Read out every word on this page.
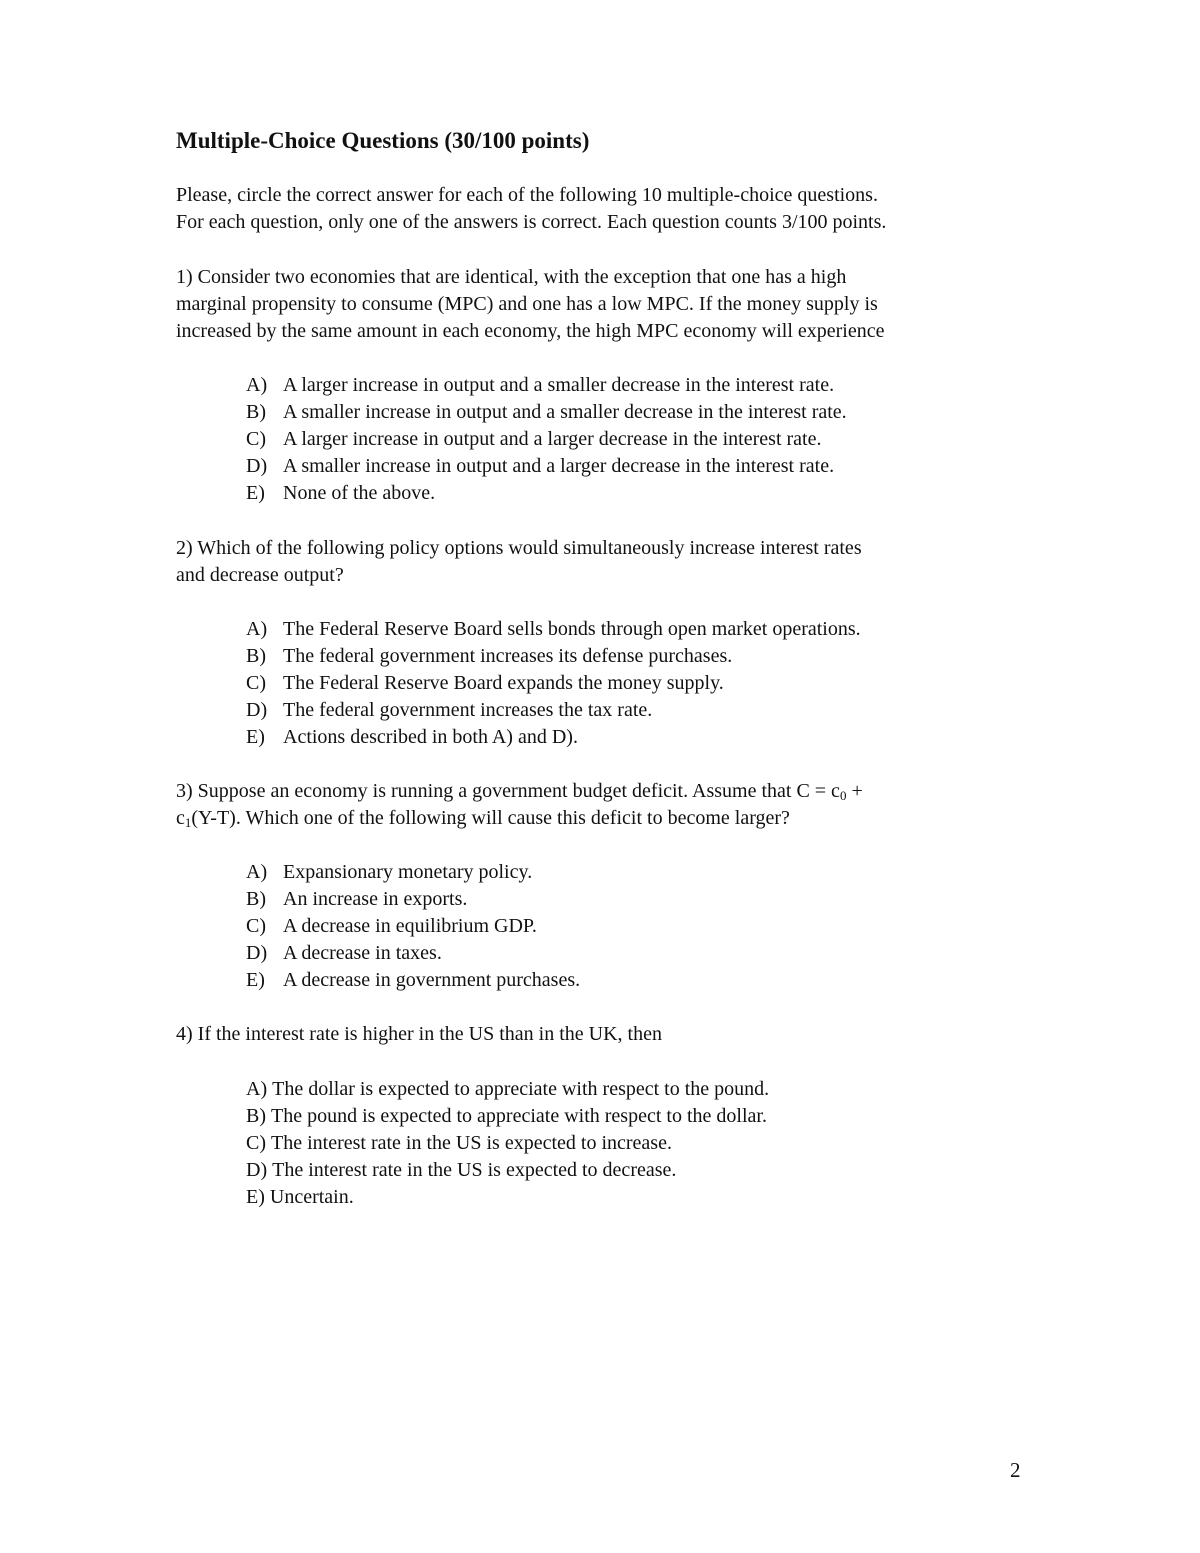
Multiple-Choice Questions (30/100 points)
Please, circle the correct answer for each of the following 10 multiple-choice questions.
For each question, only one of the answers is correct. Each question counts 3/100 points.
1) Consider two economies that are identical, with the exception that one has a high
marginal propensity to consume (MPC) and one has a low MPC. If the money supply is
increased by the same amount in each economy, the high MPC economy will experience
A) A larger increase in output and a smaller decrease in the interest rate.
B) A smaller increase in output and a smaller decrease in the interest rate.
C) A larger increase in output and a larger decrease in the interest rate.
D) A smaller increase in output and a larger decrease in the interest rate.
E) None of the above.
2) Which of the following policy options would simultaneously increase interest rates
and decrease output?
A) The Federal Reserve Board sells bonds through open market operations.
B) The federal government increases its defense purchases.
C) The Federal Reserve Board expands the money supply.
D) The federal government increases the tax rate.
E) Actions described in both A) and D).
3) Suppose an economy is running a government budget deficit. Assume that $C = c_0$ +
$c_1(Y-T)$. Which one of the following will cause this deficit to become larger?
A) Expansionary monetary policy.
B) An increase in exports.
C) A decrease in equilibrium GDP.
D) A decrease in taxes.
E) A decrease in government purchases.
4) If the interest rate is higher in the US than in the UK, then
A) The dollar is expected to appreciate with respect to the pound.
B) The pound is expected to appreciate with respect to the dollar.
C) The interest rate in the US is expected to increase.
D) The interest rate in the US is expected to decrease.
E) Uncertain.
2
